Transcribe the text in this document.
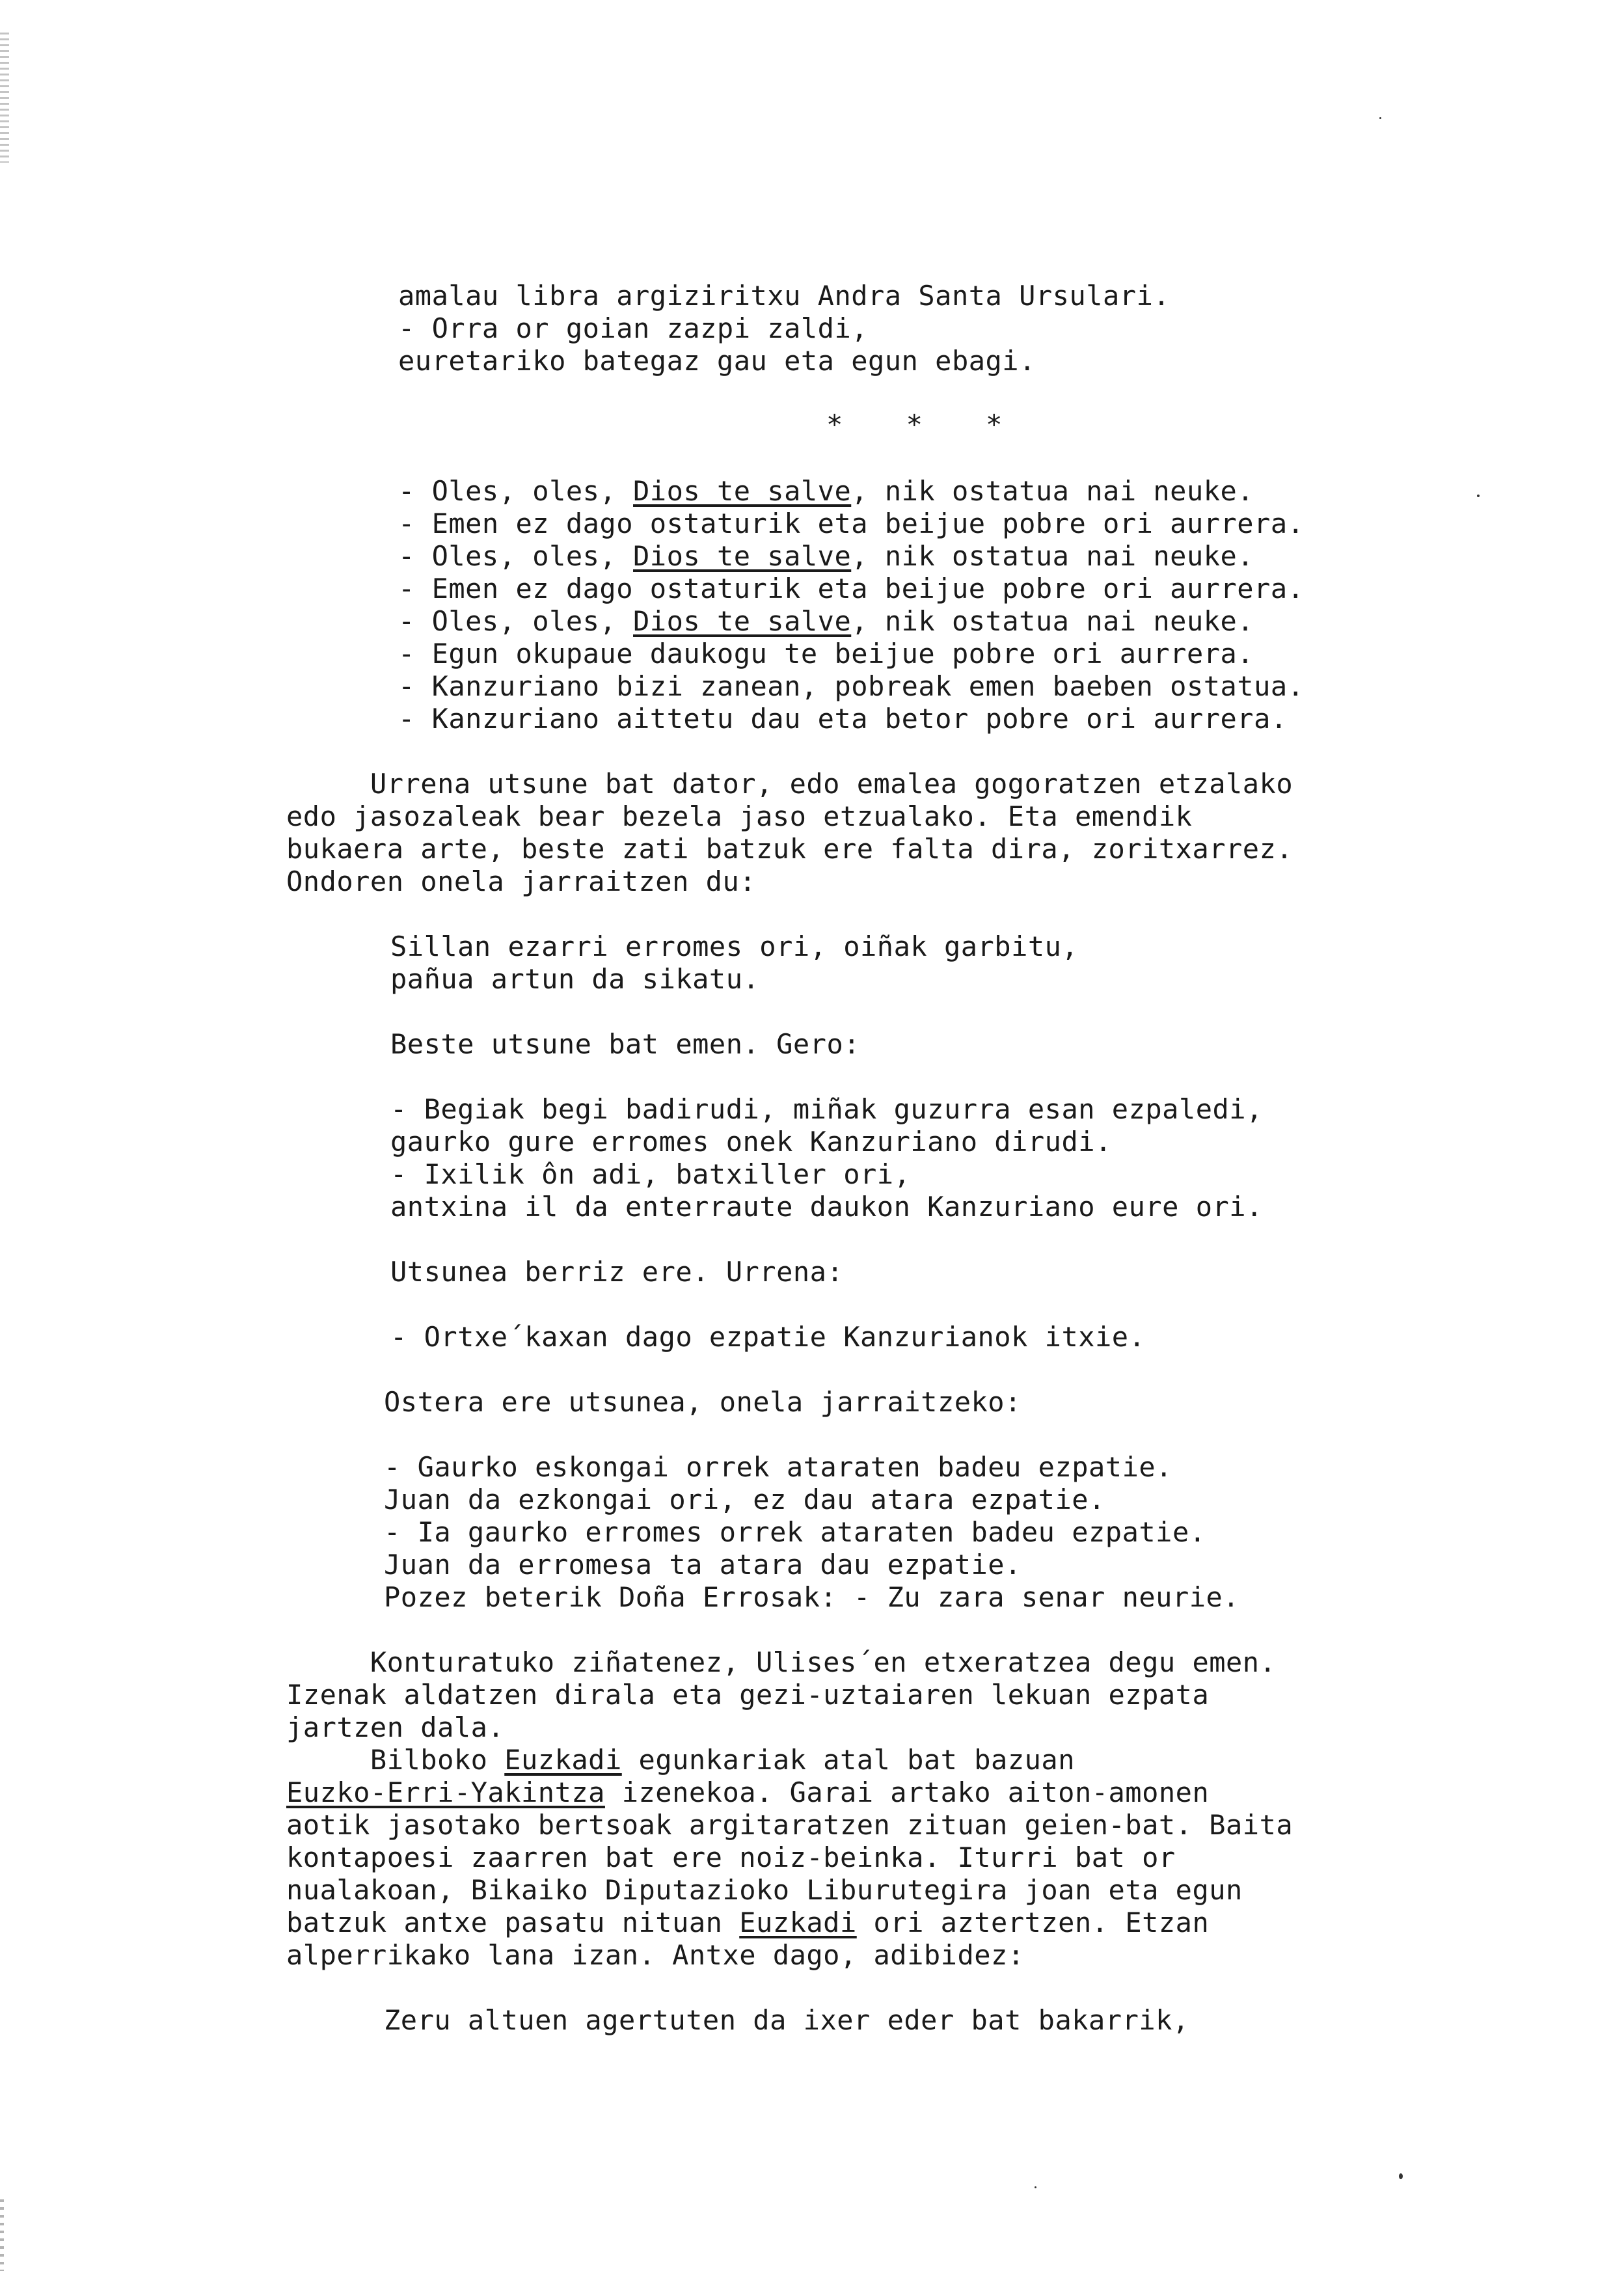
amalau libra argiziritxu Andra Santa Ursulari.
- Orra or goian zazpi zaldi,
euretariko bategaz gau eta egun ebagi.
* * *
- Oles, oles, Dios te salve, nik ostatua nai neuke.
- Emen ez dago ostaturik eta beijue pobre ori aurrera.
- Oles, oles, Dios te salve, nik ostatua nai neuke.
- Emen ez dago ostaturik eta beijue pobre ori aurrera.
- Oles, oles, Dios te salve, nik ostatua nai neuke.
- Egun okupaue daukogu te beijue pobre ori aurrera.
- Kanzuriano bizi zanean, pobreak emen baeben ostatua.
- Kanzuriano aittetu dau eta betor pobre ori aurrera.
Urrena utsune bat dator, edo emalea gogoratzen etzalako
edo jasozaleak bear bezela jaso etzualako. Eta emendik
bukaera arte, beste zati batzuk ere falta dira, zoritxarrez.
Ondoren onela jarraitzen du:
Sillan ezarri erromes ori, oiñak garbitu,
pañua artun da sikatu.
Beste utsune bat emen. Gero:
- Begiak begi badirudi, miñak guzurra esan ezpaledi,
gaurko gure erromes onek Kanzuriano dirudi.
- Ixilik ôn adi, batxiller ori,
antxina il da enterraute daukon Kanzuriano eure ori.
Utsunea berriz ere. Urrena:
- Ortxe´kaxan dago ezpatie Kanzurianok itxie.
Ostera ere utsunea, onela jarraitzeko:
- Gaurko eskongai orrek ataraten badeu ezpatie.
Juan da ezkongai ori, ez dau atara ezpatie.
- Ia gaurko erromes orrek ataraten badeu ezpatie.
Juan da erromesa ta atara dau ezpatie.
Pozez beterik Doña Errosak: - Zu zara senar neurie.
Konturatuko ziñatenez, Ulises´en etxeratzea degu emen.
Izenak aldatzen dirala eta gezi-uztaiaren lekuan ezpata
jartzen dala.
Bilboko Euzkadi egunkariak atal bat bazuan
Euzko-Erri-Yakintza izenekoa. Garai artako aiton-amonen
aotik jasotako bertsoak argitaratzen zituan geien-bat. Baita
kontapoesi zaarren bat ere noiz-beinka. Iturri bat or
nualakoan, Bikaiko Diputazioko Liburutegira joan eta egun
batzuk antxe pasatu nituan Euzkadi ori aztertzen. Etzan
alperrikako lana izan. Antxe dago, adibidez:
Zeru altuen agertuten da ixer eder bat bakarrik,
